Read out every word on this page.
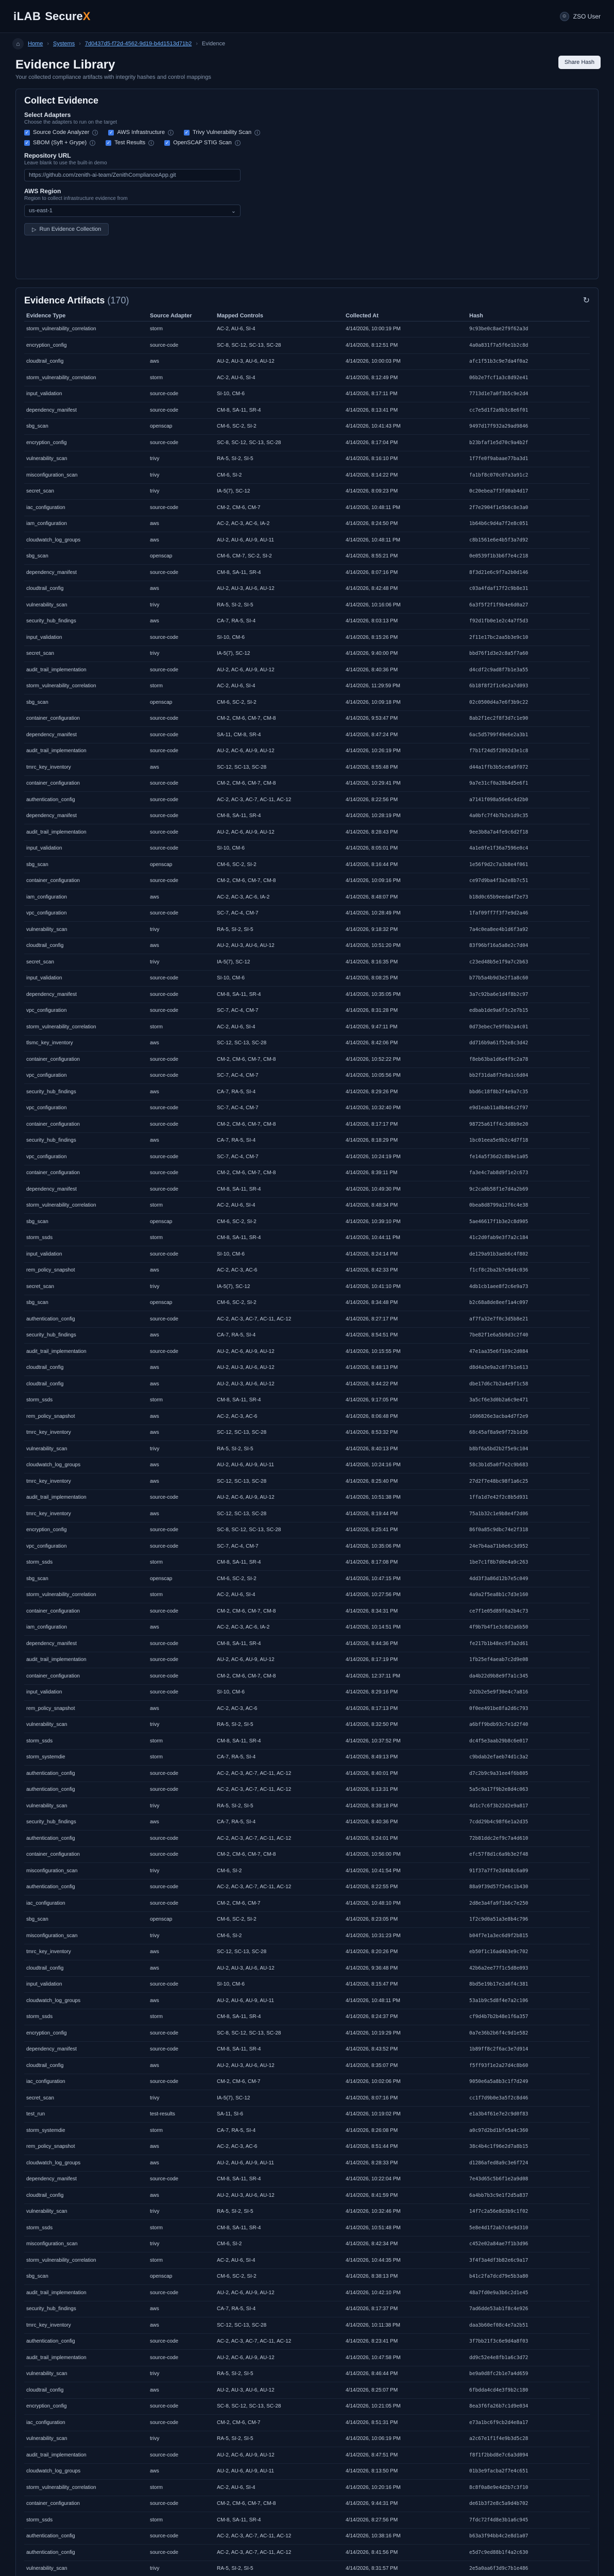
iLAB Secure X	☺ ZSO User
⌂	Home › Systems › 7d0437d5-f72d-4562-9d19-b4d1513d71b2 › Evidence
Evidence Library
Your collected compliance artifacts with integrity hashes and control mappings
Share Hash
Collect Evidence
Select Adapters
Choose the adapters to run on the target
✓ Source Code Analyzer	i	✓ AWS Infrastructure	i	✓ Trivy Vulnerability Scan	i
✓ SBOM (Syft + Grype)	i	✓ Test Results	i	✓ OpenSCAP STIG Scan	i
Repository URL
Leave blank to use the built-in demo
https://github.com/zenith-ai-team/ZenithComplianceApp.git
AWS Region
Region to collect infrastructure evidence from
us-east-1	⌄
▷ Run Evidence Collection
Evidence Artifacts (170)	↻
Evidence Type	Source Adapter	Mapped Controls	Collected At	Hash
storm_vulnerability_correlation	storm	AC-2, AU-6, SI-4	4/14/2026, 10:00:19 PM	9c93be0c8ae2f9f62a3d
encryption_config	source-code	SC-8, SC-12, SC-13, SC-28	4/14/2026, 8:12:51 PM	4a0a831f7a5f6e1b2c8d
cloudtrail_config	aws	AU-2, AU-3, AU-6, AU-12	4/14/2026, 10:00:03 PM	afc1f51b3c9e7da4f0a2
storm_vulnerability_correlation	storm	AC-2, AU-6, SI-4	4/14/2026, 8:12:49 PM	06b2e7fcf1a3c8d92e41
input_validation	source-code	SI-10, CM-6	4/14/2026, 8:17:11 PM	7713d1e7a0f3b5c9e2d4
dependency_manifest	source-code	CM-8, SA-11, SR-4	4/14/2026, 8:13:41 PM	cc7e5d1f2a9b3c8e6f01
sbg_scan	openscap	CM-6, SC-2, SI-2	4/14/2026, 10:41:43 PM	9497d17f932a29ad9846
encryption_config	source-code	SC-8, SC-12, SC-13, SC-28	4/14/2026, 8:17:04 PM	b23bfaf1e5d70c9a4b2f
vulnerability_scan	trivy	RA-5, SI-2, SI-5	4/14/2026, 8:16:10 PM	1f7fe0f9abaae77ba3d1
misconfiguration_scan	trivy	CM-6, SI-2	4/14/2026, 8:14:22 PM	fa1bf8c070c07a3a91c2
secret_scan	trivy	IA-5(7), SC-12	4/14/2026, 8:09:23 PM	0c20ebea7f3fd0ab4d17
iac_configuration	source-code	CM-2, CM-6, CM-7	4/14/2026, 10:48:11 PM	2f7e2904f1e5b6c8e3a0
iam_configuration	aws	AC-2, AC-3, AC-6, IA-2	4/14/2026, 8:24:50 PM	1b64b6c9d4a7f2e8c051
cloudwatch_log_groups	aws	AU-2, AU-6, AU-9, AU-11	4/14/2026, 10:48:11 PM	c8b1561e6e4b5f3a7d92
sbg_scan	openscap	CM-6, CM-7, SC-2, SI-2	4/14/2026, 8:55:21 PM	0e0539f1b3b6f7e4c218
dependency_manifest	source-code	CM-8, SA-11, SR-4	4/14/2026, 8:07:16 PM	8f3d21e6c9f7a2b0d146
cloudtrail_config	aws	AU-2, AU-3, AU-6, AU-12	4/14/2026, 8:42:48 PM	c03a4fdaf17f2c9b8e31
vulnerability_scan	trivy	RA-5, SI-2, SI-5	4/14/2026, 10:16:06 PM	6a3f5f2f1f9b4e6d0a27
security_hub_findings	aws	CA-7, RA-5, SI-4	4/14/2026, 8:03:13 PM	f92d1fb0e1e2c4a7f5d3
input_validation	source-code	SI-10, CM-6	4/14/2026, 8:15:26 PM	2f11e17bc2aa5b3e9c10
secret_scan	trivy	IA-5(7), SC-12	4/14/2026, 9:40:00 PM	bbd76f1d3e2c8a5f7a60
audit_trail_implementation	source-code	AU-2, AC-6, AU-9, AU-12	4/14/2026, 8:40:36 PM	d4cdf2c9ad8f7b1e3a55
storm_vulnerability_correlation	storm	AC-2, AU-6, SI-4	4/14/2026, 11:29:59 PM	6b18f8f2f1c6e2a7d093
sbg_scan	openscap	CM-6, SC-2, SI-2	4/14/2026, 10:09:18 PM	02c0500d4a7e6f3b9c22
container_configuration	source-code	CM-2, CM-6, CM-7, CM-8	4/14/2026, 9:53:47 PM	8ab2f1ec2f8f3d7c1e90
dependency_manifest	source-code	SA-11, CM-8, SR-4	4/14/2026, 8:47:24 PM	6ac5d5799f49e6e2a3b1
audit_trail_implementation	source-code	AU-2, AC-6, AU-9, AU-12	4/14/2026, 10:26:19 PM	f7b1f24d5f2092d3e1c8
tmrc_key_inventory	aws	SC-12, SC-13, SC-28	4/14/2026, 8:55:48 PM	d44a1ffb3b5ce6a9f072
container_configuration	source-code	CM-2, CM-6, CM-7, CM-8	4/14/2026, 10:29:41 PM	9a7e31cf0a28b4d5e6f1
authentication_config	source-code	AC-2, AC-3, AC-7, AC-11, AC-12	4/14/2026, 8:22:56 PM	a7141f098a56e6c4d2b0
dependency_manifest	source-code	CM-8, SA-11, SR-4	4/14/2026, 10:28:19 PM	4a0bfc7f4b7b2e1d9c35
audit_trail_implementation	source-code	AU-2, AC-6, AU-9, AU-12	4/14/2026, 8:28:43 PM	9ee3b8a7a4fe9c6d2f18
input_validation	source-code	SI-10, CM-6	4/14/2026, 8:05:01 PM	4a1e0fe1f36a7596e0c4
sbg_scan	openscap	CM-6, SC-2, SI-2	4/14/2026, 8:16:44 PM	1e56f9d2c7a3b8e4f061
container_configuration	source-code	CM-2, CM-6, CM-7, CM-8	4/14/2026, 10:09:16 PM	ce97d9ba4f3a2e8b7c51
iam_configuration	aws	AC-2, AC-3, AC-6, IA-2	4/14/2026, 8:48:07 PM	b18d0c65b9eeda4f2e73
vpc_configuration	source-code	SC-7, AC-4, CM-7	4/14/2026, 10:28:49 PM	1faf09ff7f3f7e9d2a46
vulnerability_scan	trivy	RA-5, SI-2, SI-5	4/14/2026, 9:18:32 PM	7a4c0ea8ee4b1d6f3a92
cloudtrail_config	aws	AU-2, AU-3, AU-6, AU-12	4/14/2026, 10:51:20 PM	83f96bf16a5a8e2c7d04
secret_scan	trivy	IA-5(7), SC-12	4/14/2026, 8:16:35 PM	c23ed48b5e1f9a7c2b63
input_validation	source-code	SI-10, CM-6	4/14/2026, 8:08:25 PM	b77b5a4b9d3e2f1a8c60
dependency_manifest	source-code	CM-8, SA-11, SR-4	4/14/2026, 10:35:05 PM	3a7c92ba6e1d4f8b2c97
vpc_configuration	source-code	SC-7, AC-4, CM-7	4/14/2026, 8:31:28 PM	edbab1de9a6f3c2e7b15
storm_vulnerability_correlation	storm	AC-2, AU-6, SI-4	4/14/2026, 9:47:11 PM	0d73ebec7e9f6b2a4c01
tlsmc_key_inventory	aws	SC-12, SC-13, SC-28	4/14/2026, 8:42:06 PM	dd716b9a61f52e8c3d42
container_configuration	source-code	CM-2, CM-6, CM-7, CM-8	4/14/2026, 10:52:22 PM	f8eb63ba1d6e4f9c2a78
vpc_configuration	source-code	SC-7, AC-4, CM-7	4/14/2026, 10:05:56 PM	bb2f31da8f7e9a1c6d04
security_hub_findings	aws	CA-7, RA-5, SI-4	4/14/2026, 8:29:26 PM	bbd6c18f8b2f4e9a7c35
vpc_configuration	source-code	SC-7, AC-4, CM-7	4/14/2026, 10:32:40 PM	e9d1eab11a8b4e6c2f97
container_configuration	source-code	CM-2, CM-6, CM-7, CM-8	4/14/2026, 8:17:17 PM	98725a61ff4c3d8b9e20
security_hub_findings	aws	CA-7, RA-5, SI-4	4/14/2026, 8:18:29 PM	1bc01eea5e9b2c4d7f18
vpc_configuration	source-code	SC-7, AC-4, CM-7	4/14/2026, 10:24:19 PM	fe14a5f36d2c8b9e1a05
container_configuration	source-code	CM-2, CM-6, CM-7, CM-8	4/14/2026, 8:39:11 PM	fa3e4c7ab8d9f1e2c673
dependency_manifest	source-code	CM-8, SA-11, SR-4	4/14/2026, 10:49:30 PM	9c2ca8b58f1e7d4a2b69
storm_vulnerability_correlation	storm	AC-2, AU-6, SI-4	4/14/2026, 8:48:34 PM	0bea8d8799a12f6c4e38
sbg_scan	openscap	CM-6, SC-2, SI-2	4/14/2026, 10:39:10 PM	5ae46617f1b3e2c8d905
storm_ssds	storm	CM-8, SA-11, SR-4	4/14/2026, 10:44:11 PM	41c2d0fab9e3f7a2c184
input_validation	source-code	SI-10, CM-6	4/14/2026, 8:24:14 PM	de129a91b3aeb6c4f802
rem_policy_snapshot	aws	AC-2, AC-3, AC-6	4/14/2026, 8:42:33 PM	f1cf8c2ba2b7e9d4c036
secret_scan	trivy	IA-5(7), SC-12	4/14/2026, 10:41:10 PM	4db1cb1aee8f2c6e9a73
sbg_scan	openscap	CM-6, SC-2, SI-2	4/14/2026, 8:34:48 PM	b2c68a8de8eef1a4c097
authentication_config	source-code	AC-2, AC-3, AC-7, AC-11, AC-12	4/14/2026, 8:27:17 PM	af7fa32e7f0c3d5b8e21
security_hub_findings	aws	CA-7, RA-5, SI-4	4/14/2026, 8:54:51 PM	7be82f1e6a5b9d3c2f40
audit_trail_implementation	source-code	AU-2, AC-6, AU-9, AU-12	4/14/2026, 10:15:55 PM	47e1aa35e6f1b9c2d084
cloudtrail_config	aws	AU-2, AU-3, AU-6, AU-12	4/14/2026, 8:48:13 PM	d8d4a3e9a2c8f7b1e613
cloudtrail_config	aws	AU-2, AU-3, AU-6, AU-12	4/14/2026, 8:44:22 PM	dbe17d6c7b2a4e9f1c58
storm_ssds	storm	CM-8, SA-11, SR-4	4/14/2026, 9:17:05 PM	3a5cf6e3d0b2a6c9e471
rem_policy_snapshot	aws	AC-2, AC-3, AC-6	4/14/2026, 8:06:48 PM	1606826e3acba4d7f2e9
tmrc_key_inventory	aws	SC-12, SC-13, SC-28	4/14/2026, 8:53:32 PM	68c45af8a9e9f72b1d36
vulnerability_scan	trivy	RA-5, SI-2, SI-5	4/14/2026, 8:40:13 PM	b8bf6a5bd2b2f5e9c104
cloudwatch_log_groups	aws	AU-2, AU-6, AU-9, AU-11	4/14/2026, 10:24:16 PM	58c3b1d5a0f7e2c9b683
tmrc_key_inventory	aws	SC-12, SC-13, SC-28	4/14/2026, 8:25:40 PM	27d2f7e48bc98f1a6c25
audit_trail_implementation	source-code	AU-2, AC-6, AU-9, AU-12	4/14/2026, 10:51:38 PM	1ffa1d7e42f2c8b5d931
tmrc_key_inventory	aws	SC-12, SC-13, SC-28	4/14/2026, 8:19:44 PM	75a1b32c1e9b8e4f2d06
encryption_config	source-code	SC-8, SC-12, SC-13, SC-28	4/14/2026, 8:25:41 PM	86f0a85c9dbc74e2f318
vpc_configuration	source-code	SC-7, AC-4, CM-7	4/14/2026, 10:35:06 PM	24e7b4aa71b0e6c3d952
storm_ssds	storm	CM-8, SA-11, SR-4	4/14/2026, 8:17:08 PM	1be7c1f8b7d0e4a9c263
sbg_scan	openscap	CM-6, SC-2, SI-2	4/14/2026, 10:47:15 PM	4dd3f3a86d12b7e5c049
storm_vulnerability_correlation	storm	AC-2, AU-6, SI-4	4/14/2026, 10:27:56 PM	4a9a2f5ea8b1c7d3e160
container_configuration	source-code	CM-2, CM-6, CM-7, CM-8	4/14/2026, 8:34:31 PM	ce7f1e05d89f6a2b4c73
iam_configuration	aws	AC-2, AC-3, AC-6, IA-2	4/14/2026, 10:14:51 PM	4f9b7b4f1e3c8d2a6b50
dependency_manifest	source-code	CM-8, SA-11, SR-4	4/14/2026, 8:44:36 PM	fe217b1b48ec9f3a2d61
audit_trail_implementation	source-code	AU-2, AC-6, AU-9, AU-12	4/14/2026, 8:17:19 PM	1fb25ef4aeab7c2d9e08
container_configuration	source-code	CM-2, CM-6, CM-7, CM-8	4/14/2026, 12:37:11 PM	da4b22d9b8e9f7a1c345
input_validation	source-code	SI-10, CM-6	4/14/2026, 8:29:16 PM	2d2b2e5e9f30e4c7a816
rem_policy_snapshot	aws	AC-2, AC-3, AC-6	4/14/2026, 8:17:13 PM	0f0ee491be8fa2d6c793
vulnerability_scan	trivy	RA-5, SI-2, SI-5	4/14/2026, 8:32:50 PM	a6bff9bdb93c7e1d2f40
storm_ssds	storm	CM-8, SA-11, SR-4	4/14/2026, 10:37:52 PM	dc4f5e3aab29b8c6e017
storm_systemdie	storm	CA-7, RA-5, SI-4	4/14/2026, 8:49:13 PM	c9bdab2efaeb74d1c3a2
authentication_config	source-code	AC-2, AC-3, AC-7, AC-11, AC-12	4/14/2026, 8:40:01 PM	d7c2b9c9a31ee4f6b805
authentication_config	source-code	AC-2, AC-3, AC-7, AC-11, AC-12	4/14/2026, 8:13:31 PM	5a5c9a17f9b2e8d4c063
vulnerability_scan	trivy	RA-5, SI-2, SI-5	4/14/2026, 8:39:18 PM	4d1c7c6f3b22d2e9a817
security_hub_findings	aws	CA-7, RA-5, SI-4	4/14/2026, 8:40:36 PM	7cdd29b4c98f6e1a2d35
authentication_config	source-code	AC-2, AC-3, AC-7, AC-11, AC-12	4/14/2026, 8:24:01 PM	72b81ddc2ef9c7a4d610
container_configuration	source-code	CM-2, CM-6, CM-7, CM-8	4/14/2026, 10:56:00 PM	efc57f8d1c6a9b3e2f48
misconfiguration_scan	trivy	CM-6, SI-2	4/14/2026, 10:41:54 PM	91f37a7f7e2d4b8c6a09
authentication_config	source-code	AC-2, AC-3, AC-7, AC-11, AC-12	4/14/2026, 8:22:55 PM	88a9f39d57f2e6c1b430
iac_configuration	source-code	CM-2, CM-6, CM-7	4/14/2026, 10:48:10 PM	2d8e3a4fa9f1b6c7e250
sbg_scan	openscap	CM-6, SC-2, SI-2	4/14/2026, 8:23:05 PM	1f2c9d0a51a3e8b4c796
misconfiguration_scan	trivy	CM-6, SI-2	4/14/2026, 10:31:23 PM	b04f7e1a3ec6d9f2b815
tmrc_key_inventory	aws	SC-12, SC-13, SC-28	4/14/2026, 8:20:26 PM	eb50f1c16ad4b3e9c702
cloudtrail_config	aws	AU-2, AU-3, AU-6, AU-12	4/14/2026, 9:36:48 PM	42b6a2ee77f1c5d8e093
input_validation	source-code	SI-10, CM-6	4/14/2026, 8:15:47 PM	8bd5e19b17e2a6f4c381
cloudwatch_log_groups	aws	AU-2, AU-6, AU-9, AU-11	4/14/2026, 10:48:11 PM	53a1b9c5d8f4e7a2c106
storm_ssds	storm	CM-8, SA-11, SR-4	4/14/2026, 8:24:37 PM	cf9d4b7b2b48e1f6a357
encryption_config	source-code	SC-8, SC-12, SC-13, SC-28	4/14/2026, 10:19:29 PM	0a7e36b2b6f4c9d1e582
dependency_manifest	source-code	CM-8, SA-11, SR-4	4/14/2026, 8:43:52 PM	1b89ff8c2f6ac3e7d914
cloudtrail_config	aws	AU-2, AU-3, AU-6, AU-12	4/14/2026, 8:35:07 PM	f5ff93f1e2a27d4c8b60
iac_configuration	source-code	CM-2, CM-6, CM-7	4/14/2026, 10:02:06 PM	9050e6a5a8b3c1f7d249
secret_scan	trivy	IA-5(7), SC-12	4/14/2026, 8:07:16 PM	cc1f7d9b0e3a5f2c8d46
test_run	test-results	SA-11, SI-6	4/14/2026, 10:19:02 PM	e1a3b4f61e7e2c9d0f83
storm_systemdie	storm	CA-7, RA-5, SI-4	4/14/2026, 8:26:08 PM	a0c97d2bd1bfe5a4c360
rem_policy_snapshot	aws	AC-2, AC-3, AC-6	4/14/2026, 8:51:44 PM	38c4b4c1f96e2d7a8b15
cloudwatch_log_groups	aws	AU-2, AU-6, AU-9, AU-11	4/14/2026, 8:28:33 PM	d1286afed8a9c3e6f724
dependency_manifest	source-code	CM-8, SA-11, SR-4	4/14/2026, 10:22:04 PM	7e43d65c5b6f1e2a9d08
cloudtrail_config	aws	AU-2, AU-3, AU-6, AU-12	4/14/2026, 8:41:59 PM	6a4bb7b3c9e1f2d5a837
vulnerability_scan	trivy	RA-5, SI-2, SI-5	4/14/2026, 10:32:46 PM	14f7c2a56e8d3b9c1f02
storm_ssds	storm	CM-8, SA-11, SR-4	4/14/2026, 10:51:48 PM	5e8e4d1f2ab7c6e9d310
misconfiguration_scan	trivy	CM-6, SI-2	4/14/2026, 8:42:34 PM	c452e02a84ae7f1b3d96
storm_vulnerability_correlation	storm	AC-2, AU-6, SI-4	4/14/2026, 10:44:35 PM	3f4f3a4df3b82e6c9a17
sbg_scan	openscap	CM-6, SC-2, SI-2	4/14/2026, 8:38:13 PM	b41c2fa7dcd79e5b3a80
audit_trail_implementation	source-code	AU-2, AC-6, AU-9, AU-12	4/14/2026, 10:42:10 PM	48a7fd0e9a3b6c2d1e45
security_hub_findings	aws	CA-7, RA-5, SI-4	4/14/2026, 8:17:37 PM	7ad6dde53ab1f8c4e926
tmrc_key_inventory	aws	SC-12, SC-13, SC-28	4/14/2026, 10:11:38 PM	daa3b60ef08c4e7a2b51
authentication_config	source-code	AC-2, AC-3, AC-7, AC-11, AC-12	4/14/2026, 8:23:41 PM	3f7bb21f3c6e9d4a8f03
audit_trail_implementation	source-code	AU-2, AC-6, AU-9, AU-12	4/14/2026, 10:47:58 PM	dd9c52e4e8fb1a6c3d72
vulnerability_scan	trivy	RA-5, SI-2, SI-5	4/14/2026, 8:46:44 PM	be9a0d8fc2b1e7a4d659
cloudtrail_config	aws	AU-2, AU-3, AU-6, AU-12	4/14/2026, 8:25:07 PM	6fbdda4cd4e3f9b2c180
encryption_config	source-code	SC-8, SC-12, SC-13, SC-28	4/14/2026, 10:21:05 PM	8ea3f6fa26b7c1d9e034
iac_configuration	source-code	CM-2, CM-6, CM-7	4/14/2026, 8:51:31 PM	e73a1bc6f9cb2d4e8a17
vulnerability_scan	trivy	RA-5, SI-2, SI-5	4/14/2026, 10:06:19 PM	a2c67e1f1f4e9b3d5c28
audit_trail_implementation	source-code	AU-2, AC-6, AU-9, AU-12	4/14/2026, 8:47:51 PM	f8f1f2bbd8e7c6a3d094
cloudwatch_log_groups	aws	AU-2, AU-6, AU-9, AU-11	4/14/2026, 8:13:50 PM	01b3e9facba2f7e4c651
storm_vulnerability_correlation	storm	AC-2, AU-6, SI-4	4/14/2026, 10:20:16 PM	8c8f0a8e9e4d2b7c3f10
container_configuration	source-code	CM-2, CM-6, CM-7, CM-8	4/14/2026, 9:44:31 PM	de61b3f2e8c5a9d4b702
storm_ssds	storm	CM-8, SA-11, SR-4	4/14/2026, 8:27:56 PM	7fdc72f4d8e3b1a6c945
authentication_config	source-code	AC-2, AC-3, AC-7, AC-11, AC-12	4/14/2026, 10:38:16 PM	b63a3f94bb4c2e8d1a07
authentication_config	source-code	AC-2, AC-3, AC-7, AC-11, AC-12	4/14/2026, 8:41:56 PM	e5d7c9ed88b1f4a2c630
vulnerability_scan	trivy	RA-5, SI-2, SI-5	4/14/2026, 8:31:57 PM	2e5a0aa6f3d9c7b1e486
